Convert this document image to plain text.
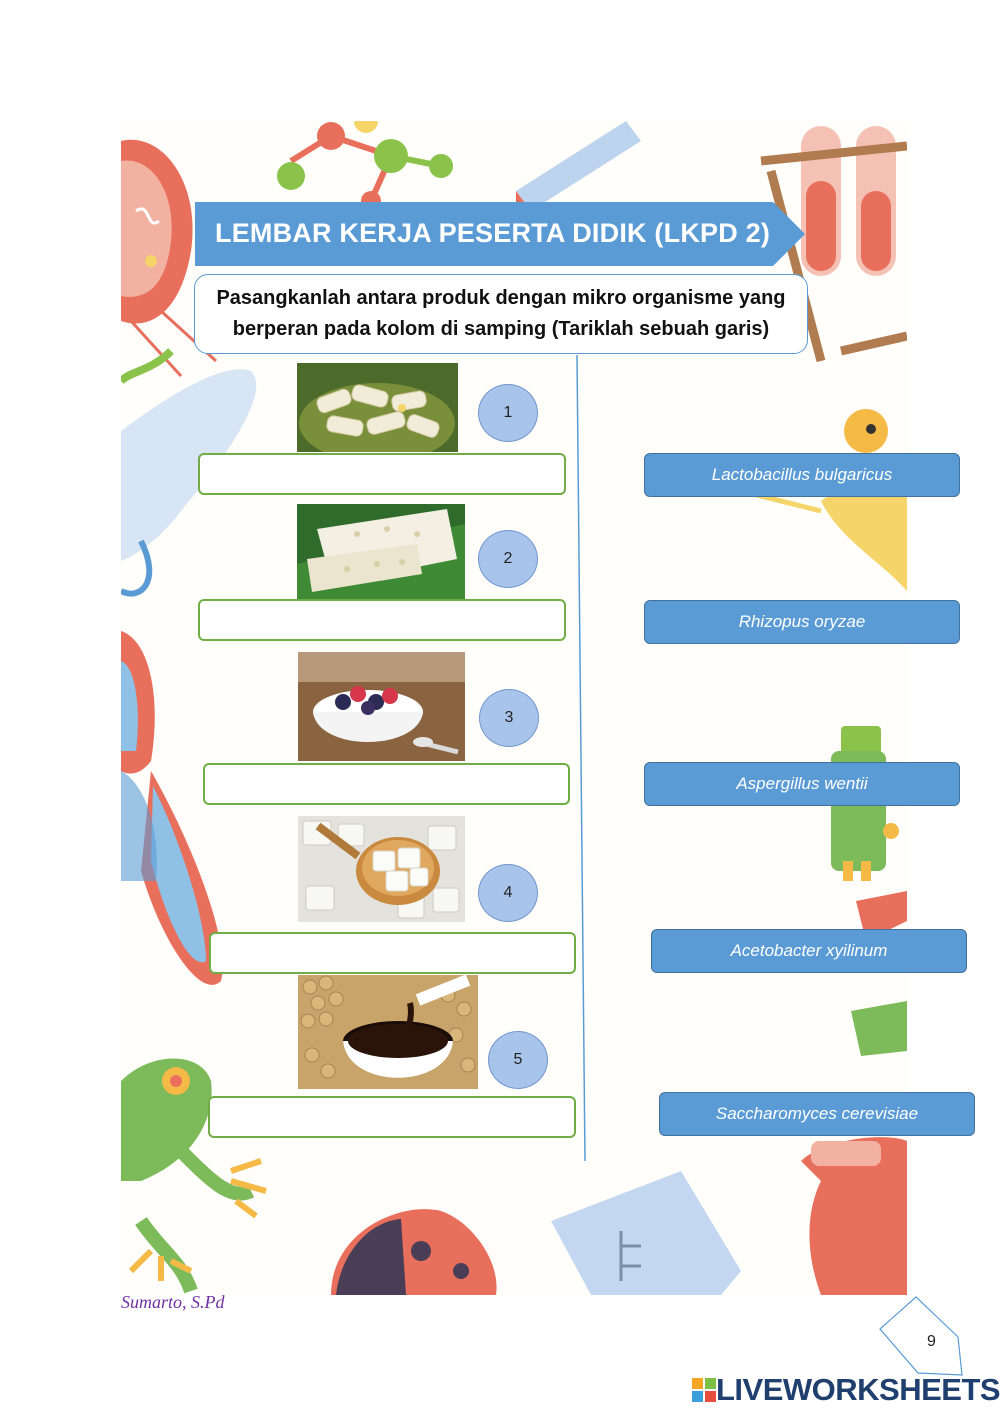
LEMBAR KERJA PESERTA DIDIK (LKPD 2)
Pasangkanlah antara produk dengan mikro organisme yang berperan pada kolom di samping (Tariklah sebuah garis)
1
2
3
4
5
Lactobacillus bulgaricus
Rhizopus oryzae
Aspergillus wentii
Acetobacter xyilinum
Saccharomyces cerevisiae
Sumarto, S.Pd
9
LIVEWORKSHEETS
